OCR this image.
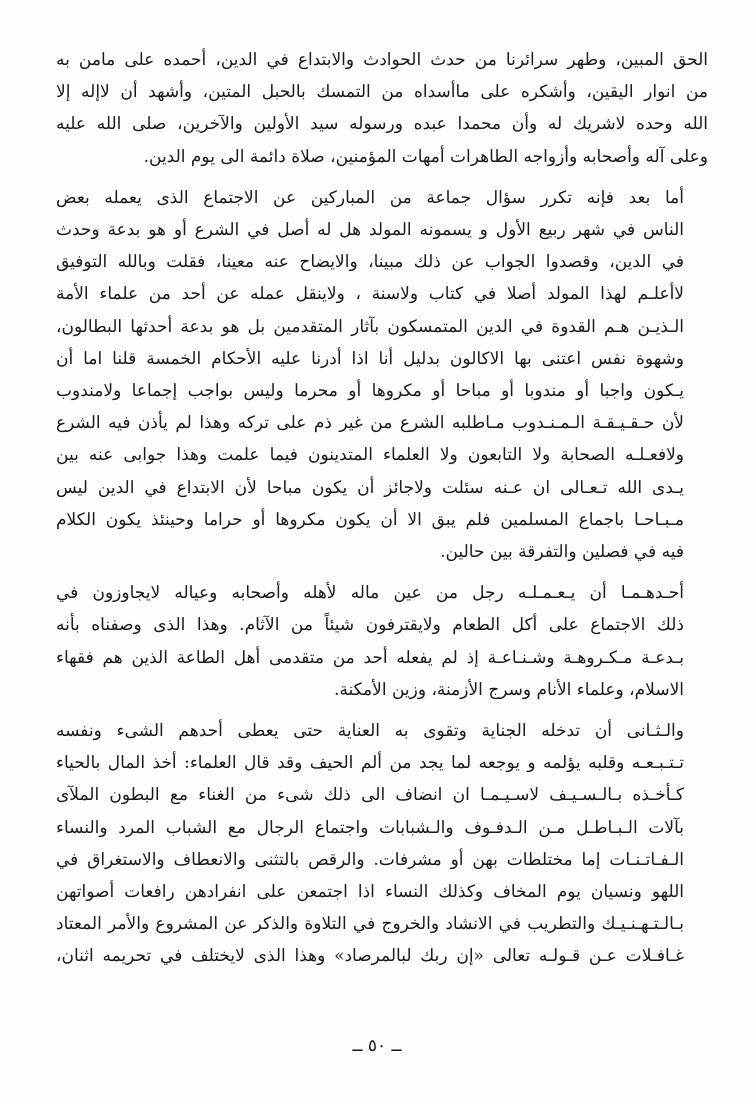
الحق المبين، وطهر سرائرنا من حدث الحوادث والابتداع في الدين، أحمده على مامن به
من انوار اليقين، وأشكره على ماأسداه من التمسك بالحبل المتين، وأشهد أن لاإله إلا
الله وحده لاشريك له وأن محمدا عبده ورسوله سيد الأولين والآخرين، صلى الله عليه
وعلى آله وأصحابه وأزواجه الطاهرات أمهات المؤمنين، صلاة دائمة الى يوم الدين.

أما بعد فإنه تكرر سؤال جماعة من المباركين عن الاجتماع الذى يعمله بعض
الناس في شهر ربيع الأول و يسمونه المولد هل له أصل في الشرع أو هو بدعة وحدث
في الدين، وقصدوا الجواب عن ذلك مبينا، والايضاح عنه معينا، فقلت وبالله التوفيق
لاأعلـم لهذا المولد أصلا في كتاب ولاسنة ، ولاينقل عمله عن أحد من علماء الأمة
الـذيـن هـم القدوة في الدين المتمسكون بآثار المتقدمين بل هو بدعة أحدثها البطالون،
وشهوة نفس اعتنى بها الاكالون بدليل أنا اذا أدرنا عليه الأحكام الخمسة قلنا اما أن
يـكون واجبا أو مندوبا أو مباحا أو مكروها أو محرما وليس بواجب إجماعا ولامندوب
لأن حـقـيـقـة الـمـنـدوب مـاطلبه الشرع من غير ذم على تركه وهذا لم يأذن فيه الشرع
ولافعـلـه الصحابة ولا التابعون ولا العلماء المتدينون فيما علمت وهذا جوابى عنه بين
يـدى الله تـعـالى ان عـنه سئلت ولاجائز أن يكون مباحا لأن الابتداع في الدين ليس
مـبـاحـا باجماع المسلمين فلم يبق الا أن يكون مكروها أو حراما وحينئذ يكون الكلام
فيه في فصلين والتفرقة بين حالين.

أحـدهـمـا أن يـعـمـلـه رجل من عين ماله لأهله وأصحابه وعياله لايجاوزون في
ذلك الاجتماع على أكل الطعام ولايقترفون شيئاً من الآثام. وهذا الذى وصفناه بأنه
بـدعـة مـكـروهـة وشـنـاعـة إذ لم يفعله أحد من متقدمى أهل الطاعة الذين هم فقهاء
الاسلام، وعلماء الأنام وسرج الأزمنة، وزين الأمكنة.

والـثـانى أن تدخله الجناية وتقوى به العناية حتى يعطى أحدهم الشىء ونفسه
تـتـبـعـه وقلبه يؤلمه و يوجعه لما يجد من ألم الحيف وقد قال العلماء: أخذ المال بالحياء
كـأخـذه بـالـسـيـف لاسـيـمـا ان انضاف الى ذلك شىء من الغناء مع البطون الملآى
بآلات الـبـاطـل مـن الـدفـوف والـشبابات واجتماع الرجال مع الشباب المرد والنساء
الـفـاتـنـات إما مختلطات بهن أو مشرفات. والرقص بالتثنى والانعطاف والاستغراق في
اللهو ونسيان يوم المخاف وكذلك النساء اذا اجتمعن على انفرادهن رافعات أصواتهن
بـالـتـهـنـيـك والتطريب في الانشاد والخروج في التلاوة والذكر عن المشروع والأمر المعتاد
غـافـلات عـن قـولـه تعالى «إن ربك لبالمرصاد» وهذا الذى لايختلف في تحريمه اثنان،

ــ ٥٠ ــ
